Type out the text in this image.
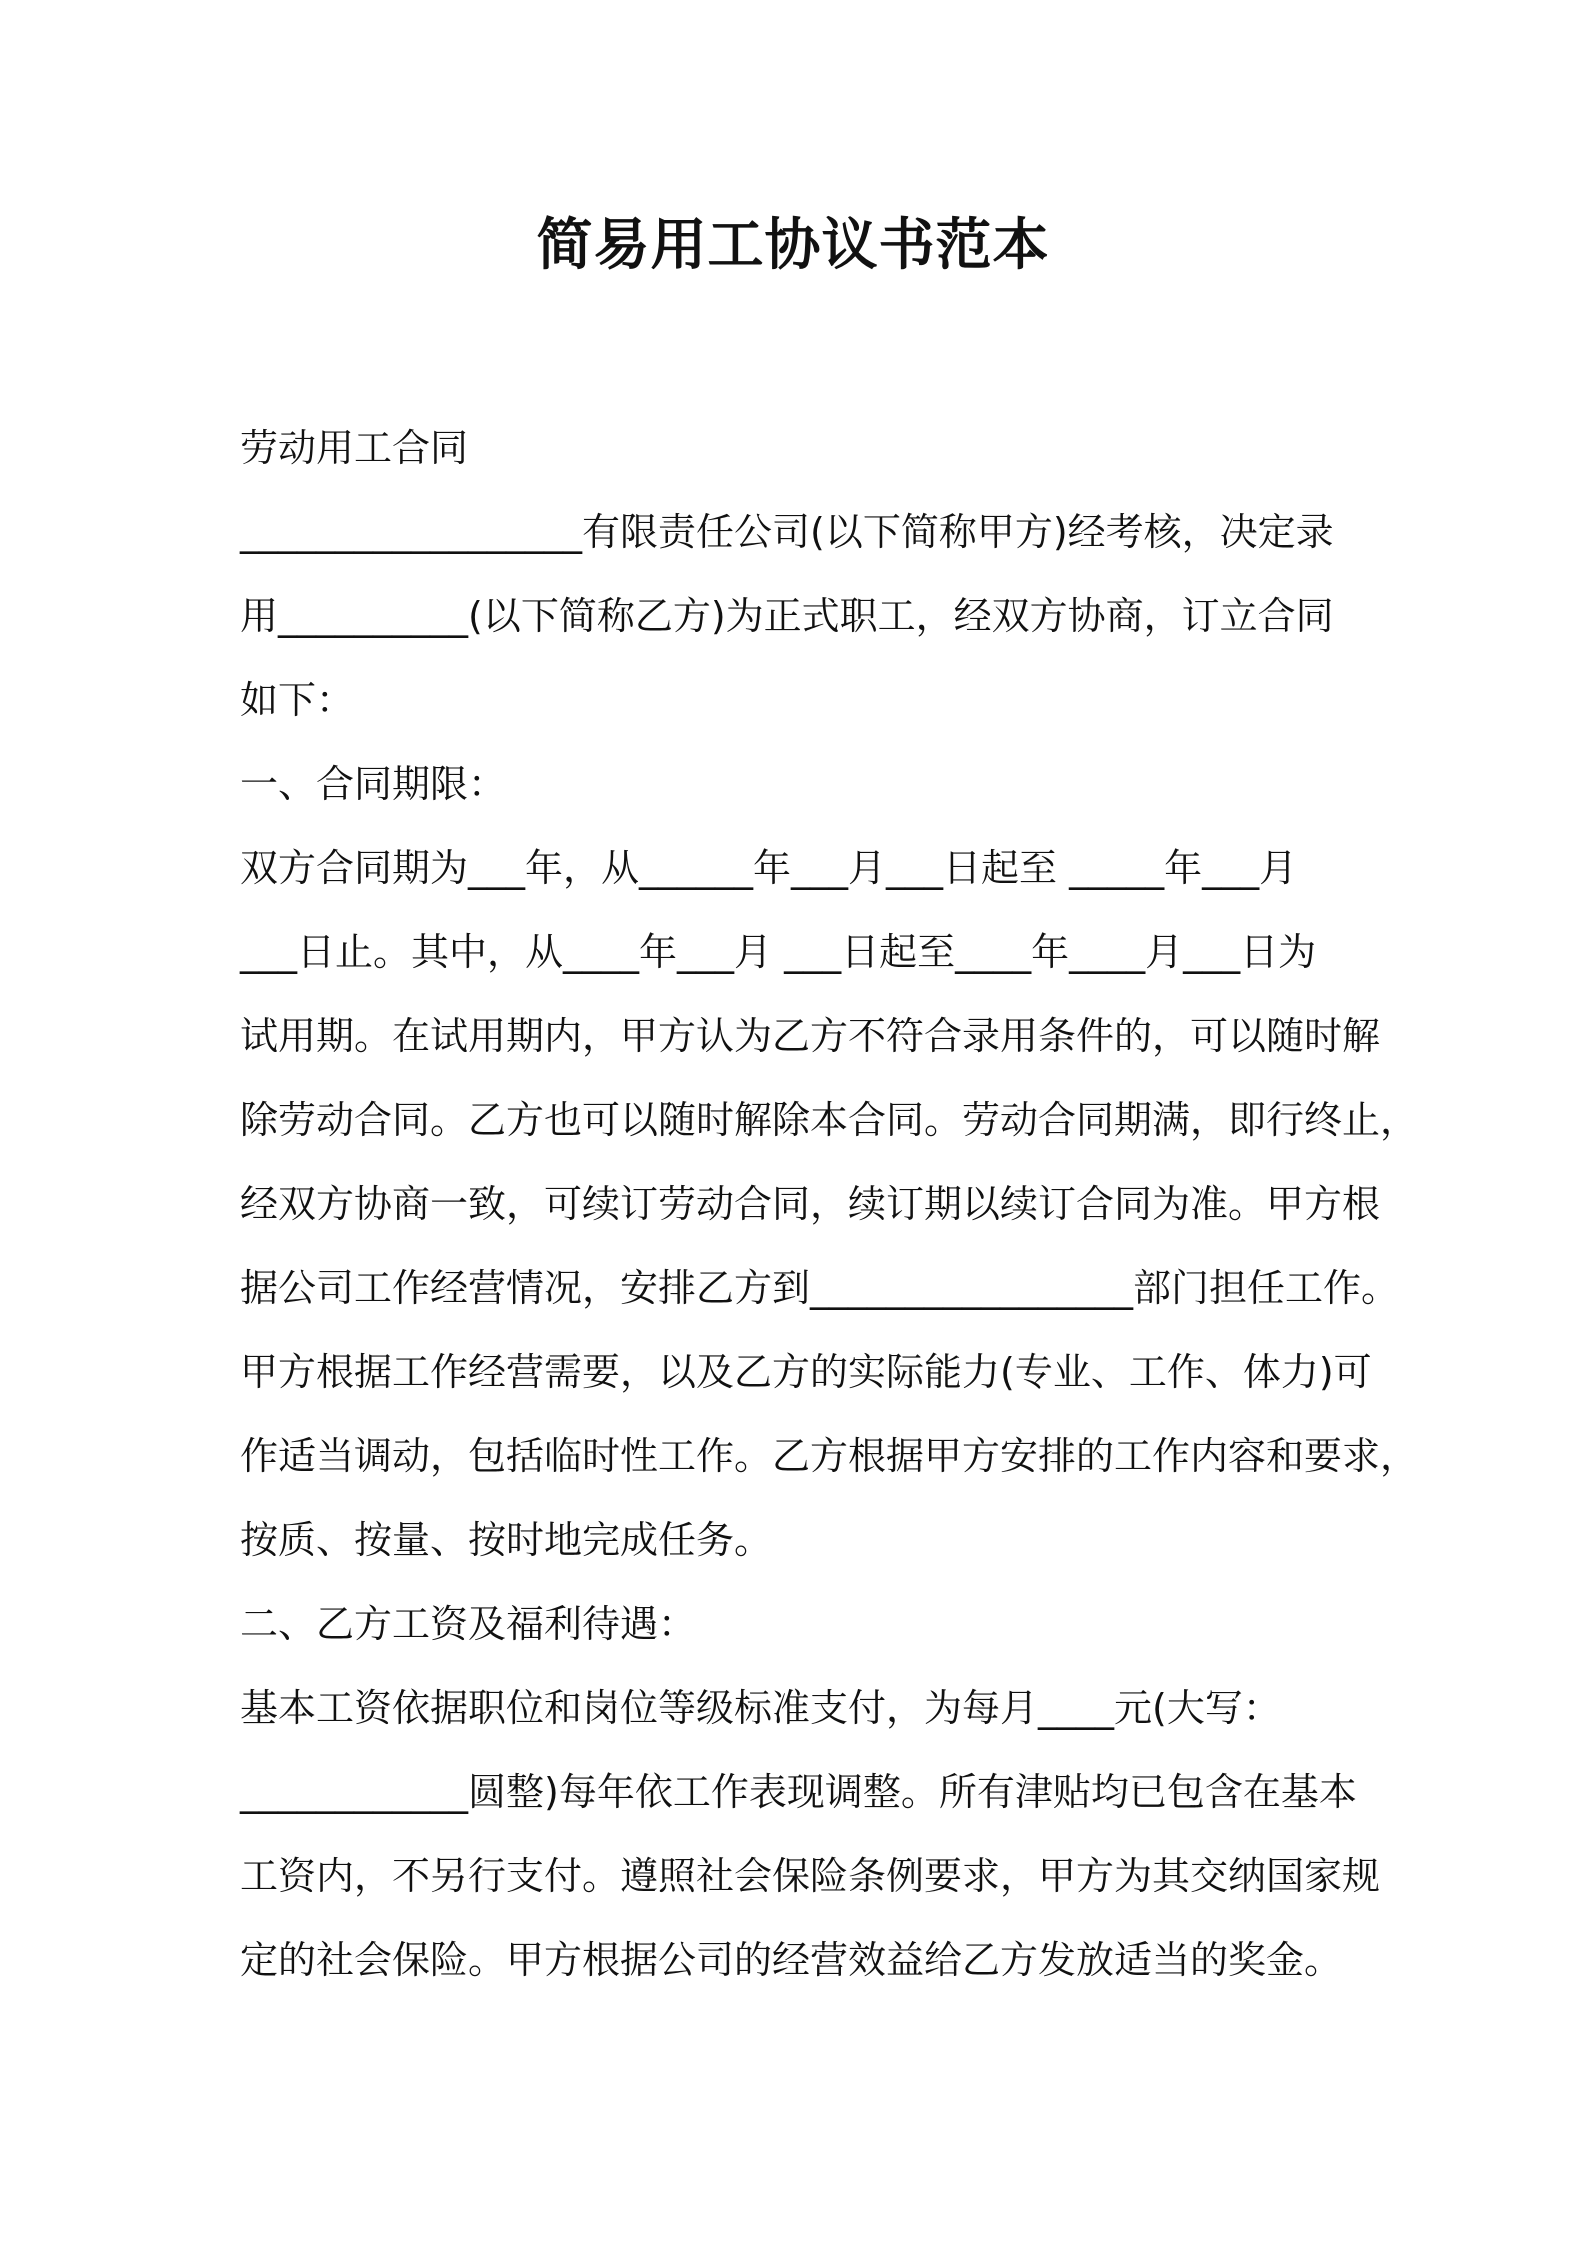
简易用工协议书范本

劳动用工合同

__________________有限责任公司(以下简称甲方)经考核，决定录

用__________(以下简称乙方)为正式职工，经双方协商，订立合同

如下：

一、合同期限：

双方合同期为___年，从______年___月___日起至 _____年___月

___日止。其中，从____年___月 ___日起至____年____月___日为

试用期。在试用期内，甲方认为乙方不符合录用条件的，可以随时解

除劳动合同。乙方也可以随时解除本合同。劳动合同期满，即行终止，

经双方协商一致，可续订劳动合同，续订期以续订合同为准。甲方根

据公司工作经营情况，安排乙方到_________________部门担任工作。

甲方根据工作经营需要，以及乙方的实际能力(专业、工作、体力)可

作适当调动，包括临时性工作。乙方根据甲方安排的工作内容和要求，

按质、按量、按时地完成任务。

二、乙方工资及福利待遇：

基本工资依据职位和岗位等级标准支付，为每月____元(大写：

____________圆整)每年依工作表现调整。所有津贴均已包含在基本

工资内，不另行支付。遵照社会保险条例要求，甲方为其交纳国家规

定的社会保险。甲方根据公司的经营效益给乙方发放适当的奖金。
